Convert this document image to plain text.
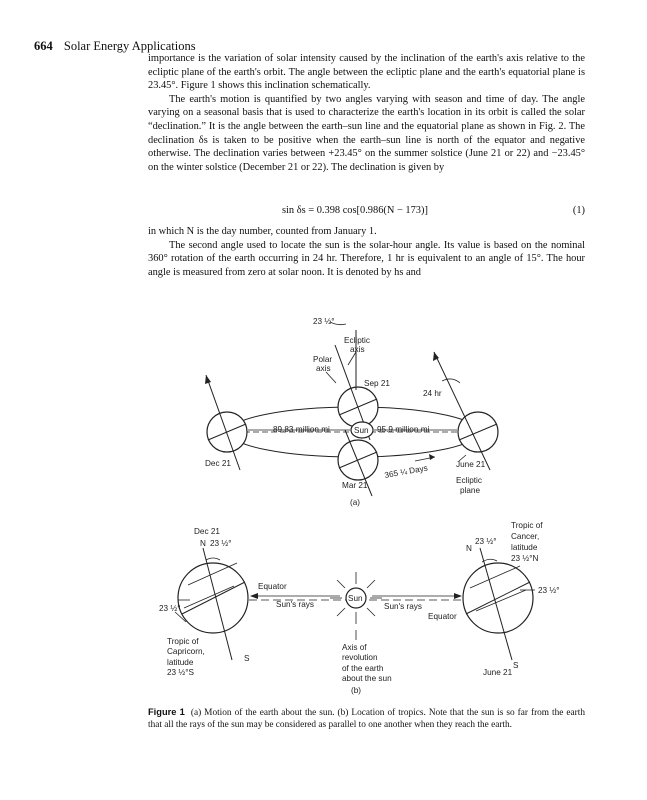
664 Solar Energy Applications

importance is the variation of solar intensity caused by the inclination of the earth's axis relative to the ecliptic plane of the earth's orbit. The angle between the ecliptic plane and the earth's equatorial plane is 23.45°. Figure 1 shows this inclination schematically.

The earth's motion is quantified by two angles varying with season and time of day. The angle varying on a seasonal basis that is used to characterize the earth's location in its orbit is called the solar “declination.” It is the angle between the earth–sun line and the equatorial plane as shown in Fig. 2. The declination δs is taken to be positive when the earth–sun line is north of the equator and negative otherwise. The declination varies between +23.45° on the summer solstice (June 21 or 22) and −23.45° on the winter solstice (December 21 or 22). The declination is given by

sin δs = 0.398 cos[0.986(N − 173)]	(1)

in which N is the day number, counted from January 1.

The second angle used to locate the sun is the solar-hour angle. Its value is based on the nominal 360° rotation of the earth occurring in 24 hr. Therefore, 1 hr is equivalent to an angle of 15°. The hour angle is measured from zero at solar noon. It is denoted by hs and

23 ½°
Ecliptic
axis
Polar
axis
Sep 21
24 hr
89.83 million mi	Sun 95.9 million mi
Dec 21
Mar 21
365 ¼ Days	June 21
Ecliptic
plane
(a)
Dec 21
N 23 ½°
Equator
Sun's rays
Sun
Sun's rays
Equator
23 ½°
Tropic of
Capricorn,
latitude
23 ½°S
S
Axis of
revolution
of the earth
about the sun
June 21
S
N
23 ½°
Tropic of
Cancer,
latitude
23 ½°N
23 ½°
(b)
Figure 1 (a) Motion of the earth about the sun. (b) Location of tropics. Note that the sun is so far from the earth that all the rays of the sun may be considered as parallel to one another when they reach the earth.
